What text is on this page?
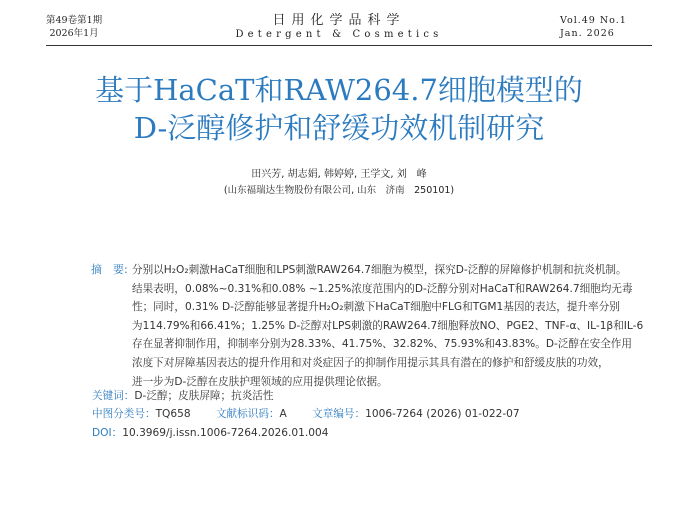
第49卷第1期
2026年1月
日用化学品科学
Detergent & Cosmetics
Vol.49 No.1
Jan. 2026
基于HaCaT和RAW264.7细胞模型的
D-泛醇修护和舒缓功效机制研究
田兴芳, 胡志娟, 韩婷婷, 王学文, 刘　峰
(山东福瑞达生物股份有限公司, 山东　济南　250101)
摘　要: 分别以H₂O₂刺激HaCaT细胞和LPS刺激RAW264.7细胞为模型，探究D-泛醇的屏障修护机制和抗炎机制。
结果表明，0.08%~0.31%和0.08% ~1.25%浓度范围内的D-泛醇分别对HaCaT和RAW264.7细胞均无毒
性；同时，0.31% D-泛醇能够显著提升H₂O₂刺激下HaCaT细胞中FLG和TGM1基因的表达，提升率分别
为114.79%和66.41%；1.25% D-泛醇对LPS刺激的RAW264.7细胞释放NO、PGE2、TNF-α、IL-1β和IL-6
存在显著抑制作用，抑制率分别为28.33%、41.75%、32.82%、75.93%和43.83%。D-泛醇在安全作用
浓度下对屏障基因表达的提升作用和对炎症因子的抑制作用提示其具有潜在的修护和舒缓皮肤的功效，
进一步为D-泛醇在皮肤护理领域的应用提供理论依据。
关键词：D-泛醇；皮肤屏障；抗炎活性
中图分类号：TQ658 文献标识码：A 文章编号：1006-7264 (2026) 01-022-07
DOI：10.3969/j.issn.1006-7264.2026.01.004
